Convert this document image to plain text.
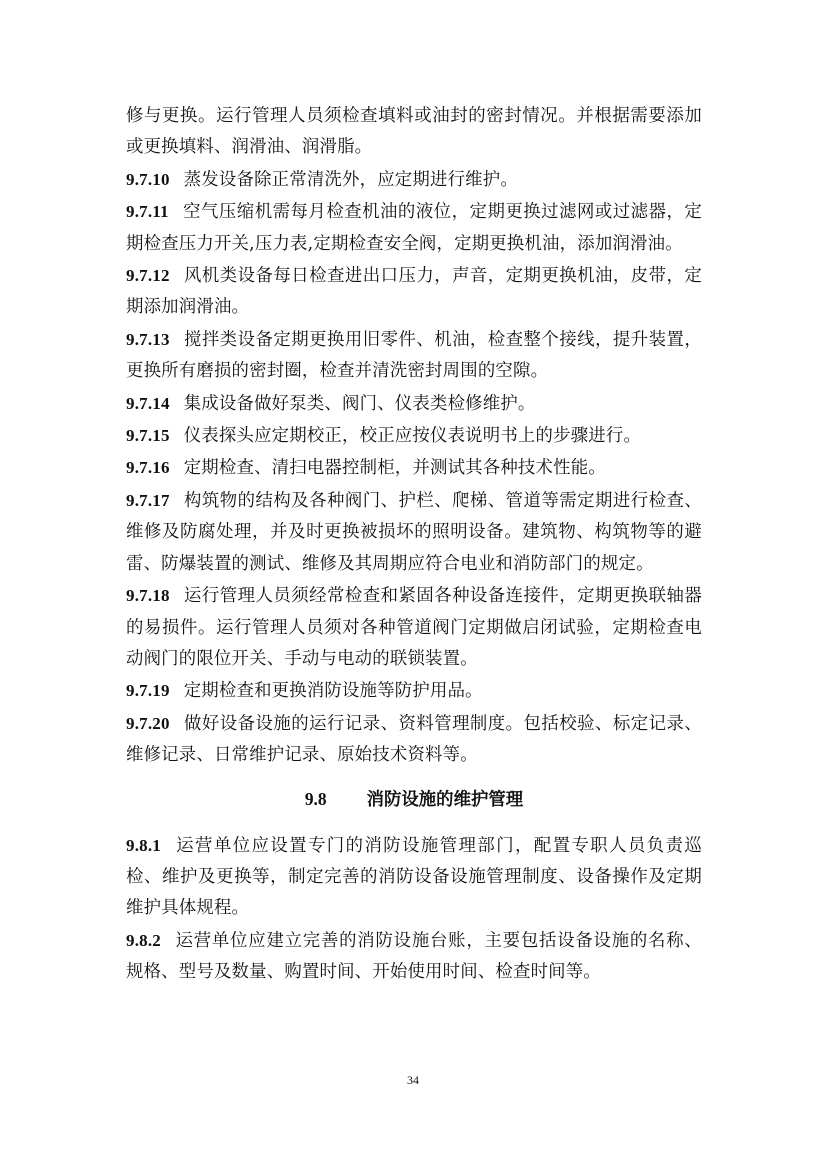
修与更换。运行管理人员须检查填料或油封的密封情况。并根据需要添加或更换填料、润滑油、润滑脂。

9.7.10 蒸发设备除正常清洗外，应定期进行维护。

9.7.11 空气压缩机需每月检查机油的液位，定期更换过滤网或过滤器，定期检查压力开关,压力表,定期检查安全阀，定期更换机油，添加润滑油。

9.7.12 风机类设备每日检查进出口压力，声音，定期更换机油，皮带，定期添加润滑油。

9.7.13 搅拌类设备定期更换用旧零件、机油，检查整个接线，提升装置，更换所有磨损的密封圈，检查并清洗密封周围的空隙。

9.7.14 集成设备做好泵类、阀门、仪表类检修维护。

9.7.15 仪表探头应定期校正，校正应按仪表说明书上的步骤进行。

9.7.16 定期检查、清扫电器控制柜，并测试其各种技术性能。

9.7.17 构筑物的结构及各种阀门、护栏、爬梯、管道等需定期进行检查、维修及防腐处理，并及时更换被损坏的照明设备。建筑物、构筑物等的避雷、防爆装置的测试、维修及其周期应符合电业和消防部门的规定。

9.7.18 运行管理人员须经常检查和紧固各种设备连接件，定期更换联轴器的易损件。运行管理人员须对各种管道阀门定期做启闭试验，定期检查电动阀门的限位开关、手动与电动的联锁装置。

9.7.19 定期检查和更换消防设施等防护用品。

9.7.20 做好设备设施的运行记录、资料管理制度。包括校验、标定记录、维修记录、日常维护记录、原始技术资料等。

9.8 消防设施的维护管理

9.8.1 运营单位应设置专门的消防设施管理部门，配置专职人员负责巡检、维护及更换等，制定完善的消防设备设施管理制度、设备操作及定期维护具体规程。

9.8.2 运营单位应建立完善的消防设施台账，主要包括设备设施的名称、规格、型号及数量、购置时间、开始使用时间、检查时间等。

34
